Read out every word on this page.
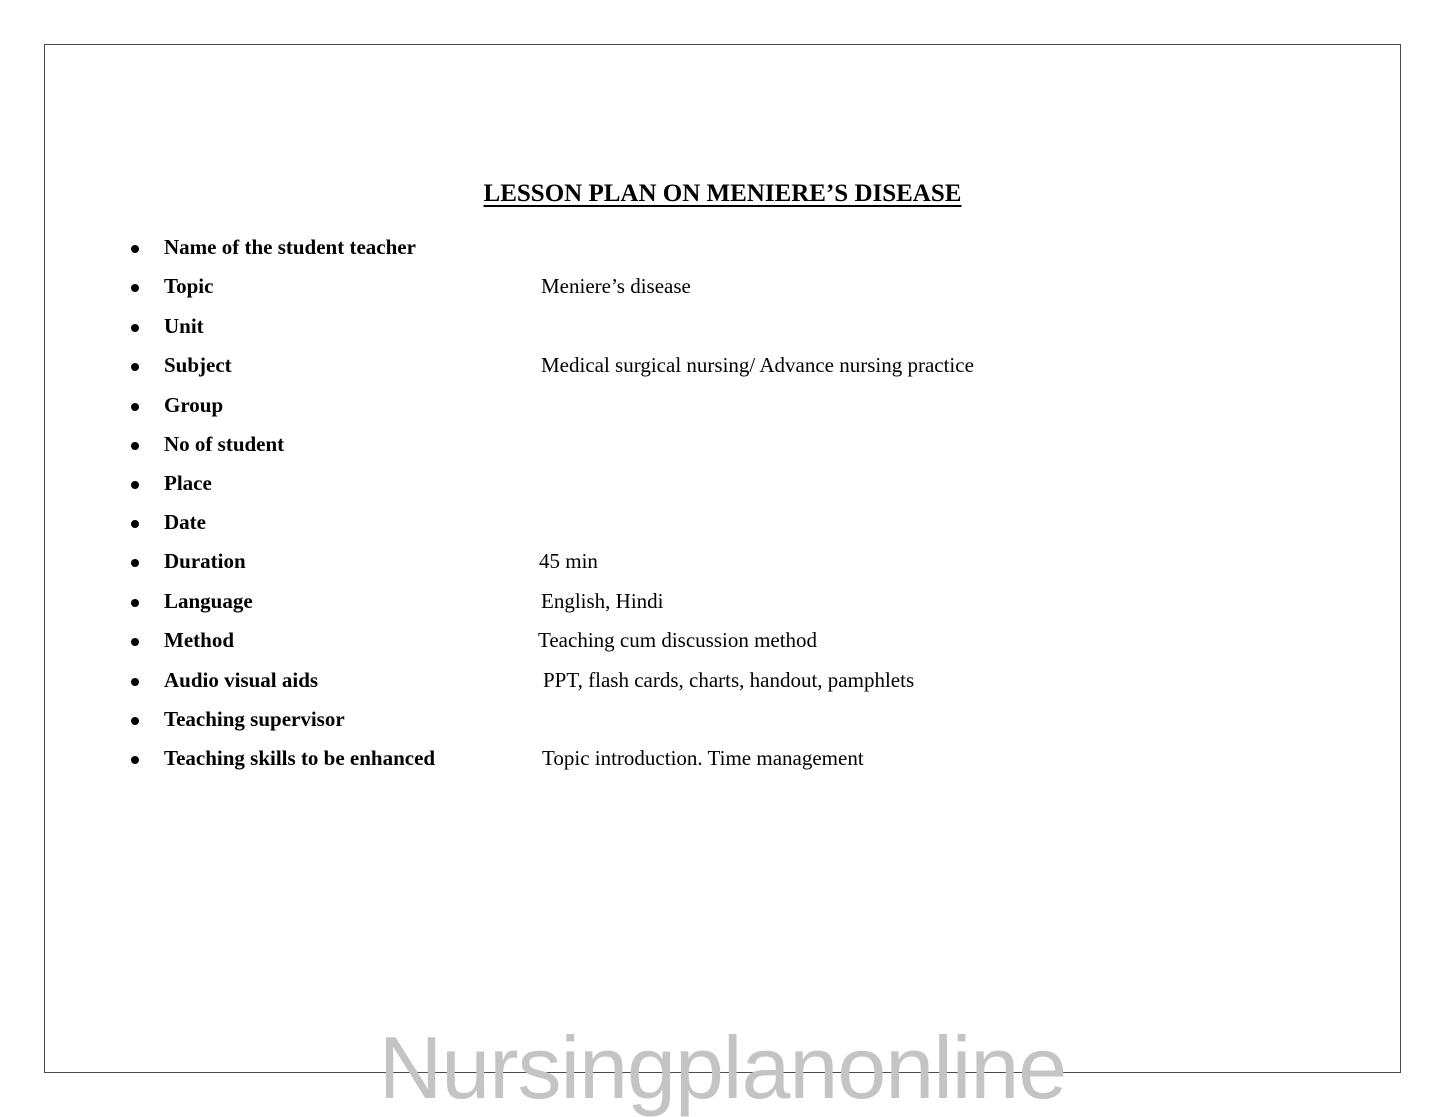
LESSON PLAN ON MENIERE’S DISEASE
Name of the student teacher
Topic	Meniere’s disease
Unit
Subject	Medical surgical nursing/ Advance nursing practice
Group
No of student
Place
Date
Duration	45 min
Language	English, Hindi
Method	Teaching cum discussion method
Audio visual aids	PPT, flash cards, charts, handout, pamphlets
Teaching supervisor
Teaching skills to be enhanced	Topic introduction. Time management
Nursingplanonline
